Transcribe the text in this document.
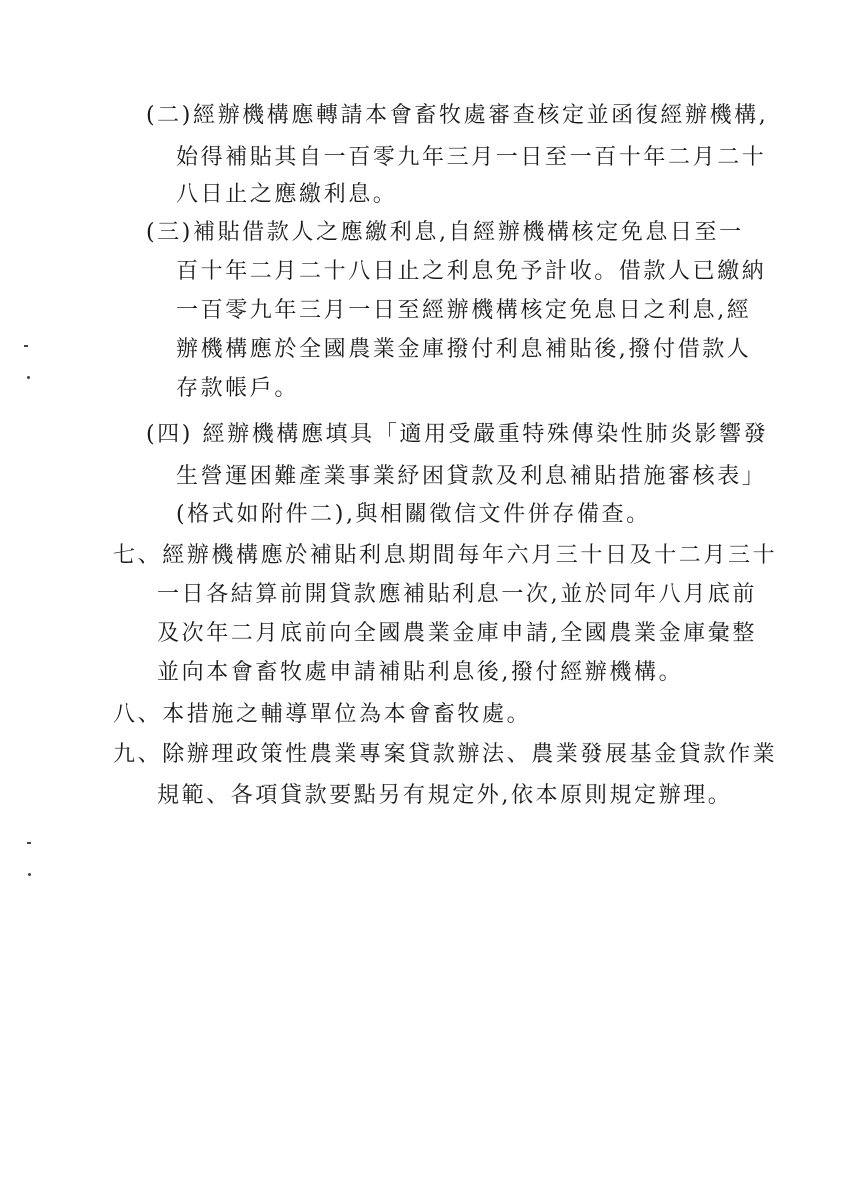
(二)經辦機構應轉請本會畜牧處審查核定並函復經辦機構,
始得補貼其自一百零九年三月一日至一百十年二月二十
八日止之應繳利息。
(三)補貼借款人之應繳利息,自經辦機構核定免息日至一
百十年二月二十八日止之利息免予計收。借款人已繳納
一百零九年三月一日至經辦機構核定免息日之利息,經
辦機構應於全國農業金庫撥付利息補貼後,撥付借款人
存款帳戶。
(四) 經辦機構應填具「適用受嚴重特殊傳染性肺炎影響發
生營運困難產業事業紓困貸款及利息補貼措施審核表」
(格式如附件二),與相關徵信文件併存備查。
七、經辦機構應於補貼利息期間每年六月三十日及十二月三十
一日各結算前開貸款應補貼利息一次,並於同年八月底前
及次年二月底前向全國農業金庫申請,全國農業金庫彙整
並向本會畜牧處申請補貼利息後,撥付經辦機構。
八、本措施之輔導單位為本會畜牧處。
九、除辦理政策性農業專案貸款辦法、農業發展基金貸款作業
規範、各項貸款要點另有規定外,依本原則規定辦理。
